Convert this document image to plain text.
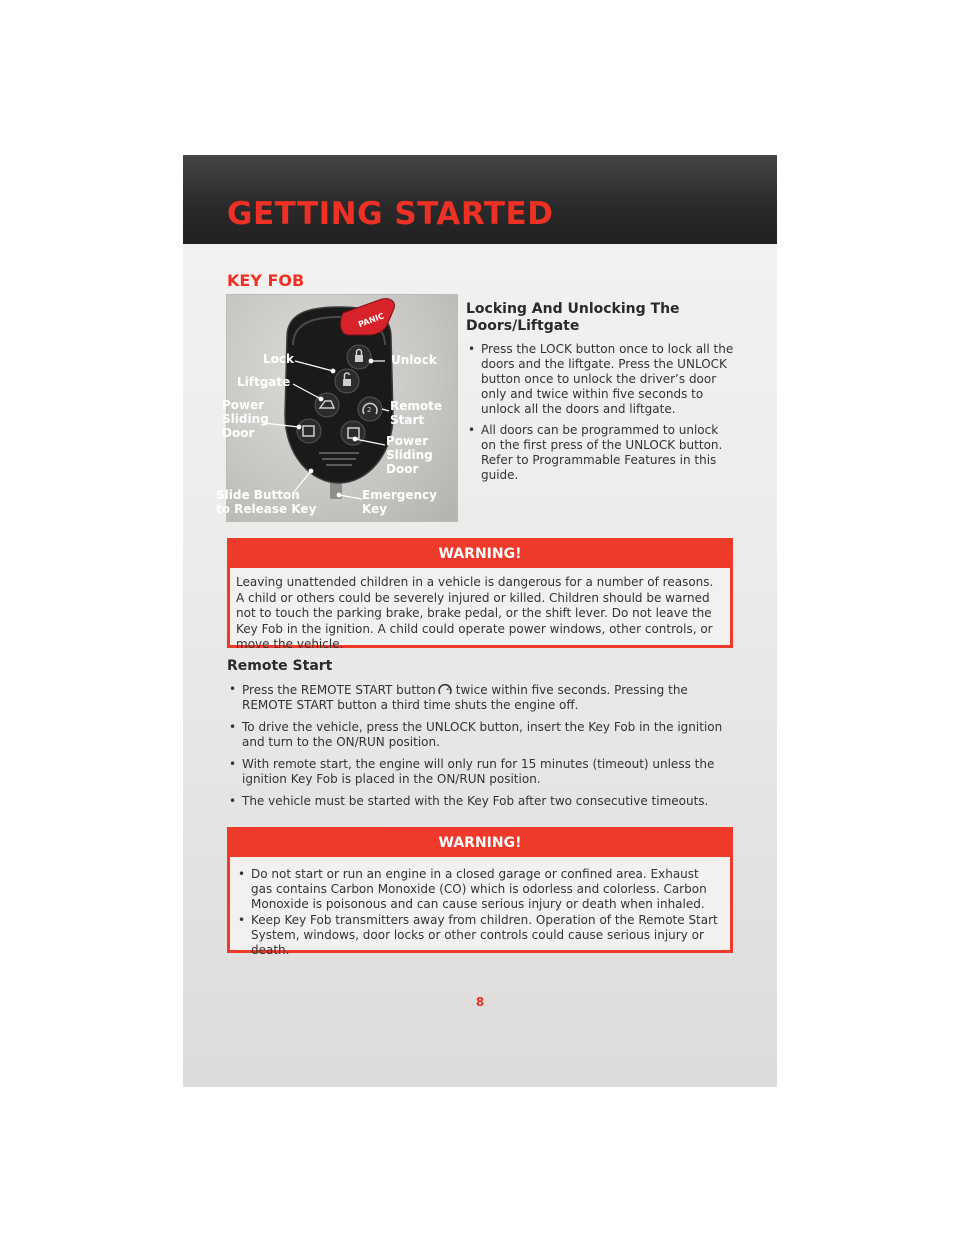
GETTING STARTED
KEY FOB
PANIC
2

Lock	Unlock

Liftgate

Power
Sliding
Door

Remote
Start

Power
Sliding
Door

Slide Button
to Release Key

Emergency
Key

Locking And Unlocking The Doors/Liftgate
• Press the LOCK button once to lock all the doors and the liftgate. Press the UNLOCK button once to unlock the driver’s door only and twice within five seconds to unlock all the doors and liftgate.
• All doors can be programmed to unlock on the first press of the UNLOCK button. Refer to Programmable Features in this guide.
WARNING!

Leaving unattended children in a vehicle is dangerous for a number of reasons. A child or others could be severely injured or killed. Children should be warned not to touch the parking brake, brake pedal, or the shift lever. Do not leave the Key Fob in the ignition. A child could operate power windows, other controls, or move the vehicle.

Remote Start
• Press the REMOTE START button 2 twice within five seconds. Pressing the REMOTE START button a third time shuts the engine off.
• To drive the vehicle, press the UNLOCK button, insert the Key Fob in the ignition and turn to the ON/RUN position.
• With remote start, the engine will only run for 15 minutes (timeout) unless the ignition Key Fob is placed in the ON/RUN position.
• The vehicle must be started with the Key Fob after two consecutive timeouts.
WARNING!
• Do not start or run an engine in a closed garage or confined area. Exhaust gas contains Carbon Monoxide (CO) which is odorless and colorless. Carbon Monoxide is poisonous and can cause serious injury or death when inhaled.
• Keep Key Fob transmitters away from children. Operation of the Remote Start System, windows, door locks or other controls could cause serious injury or death.

8
